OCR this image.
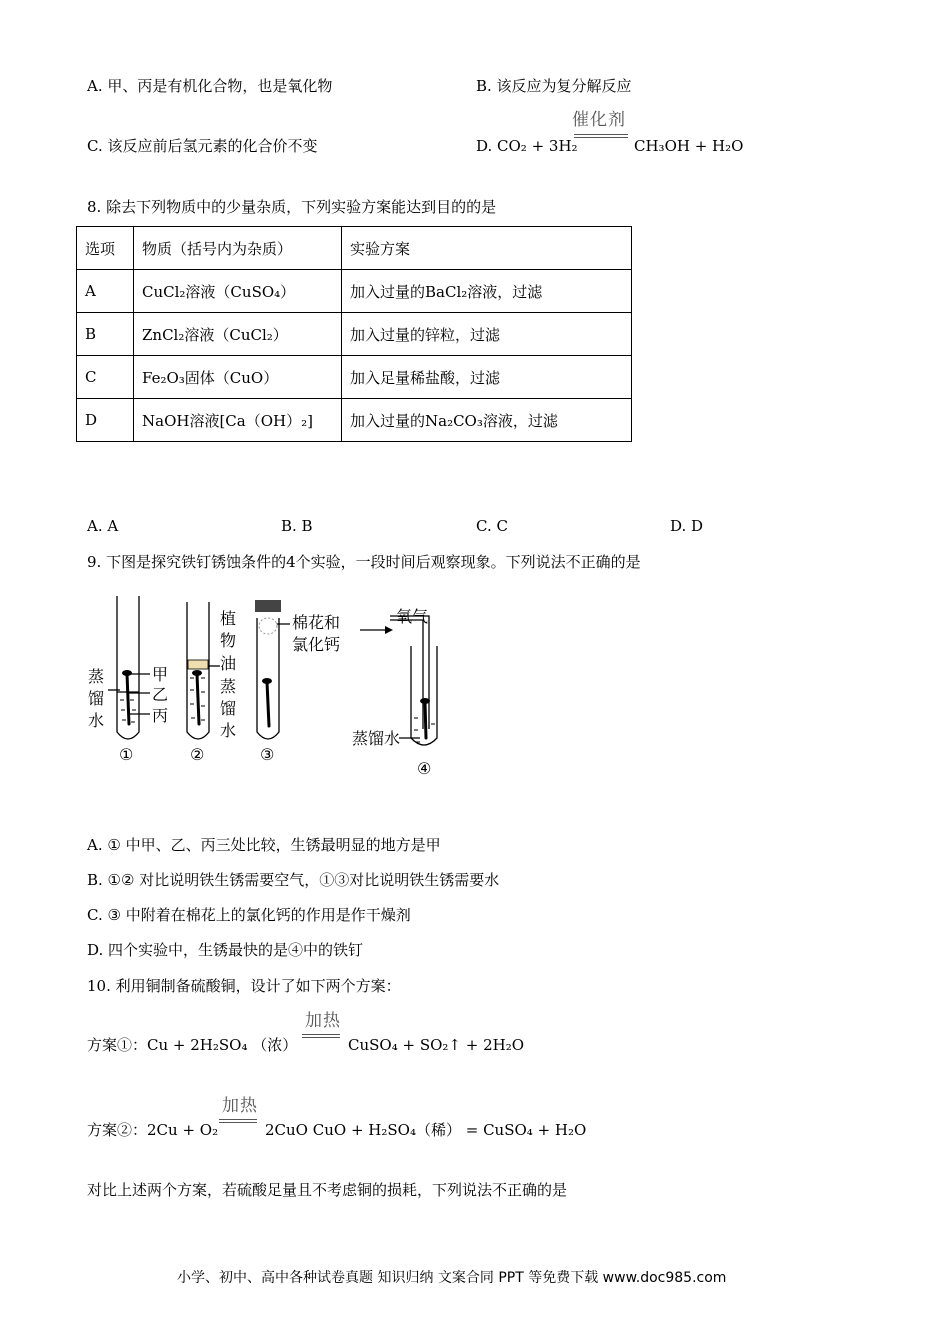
A. 甲、丙是有机化合物，也是氧化物	B. 该反应为复分解反应
C. 该反应前后氢元素的化合价不变	D. CO₂ + 3H₂
催化剂
CH₃OH + H₂O
8. 除去下列物质中的少量杂质，下列实验方案能达到目的的是
选项	物质（括号内为杂质）	实验方案
A	CuCl₂溶液（CuSO₄）	加入过量的BaCl₂溶液，过滤
B	ZnCl₂溶液（CuCl₂）	加入过量的锌粒，过滤
C	Fe₂O₃固体（CuO）	加入足量稀盐酸，过滤
D	NaOH溶液[Ca（OH）₂]	加入过量的Na₂CO₃溶液，过滤
A. A	B. B	C. C	D. D
9. 下图是探究铁钉锈蚀条件的4个实验，一段时间后观察现象。下列说法不正确的是
蒸
馏
水
甲
乙
丙
植
物
油
蒸
馏
水
棉花和
氯化钙
氧气
蒸馏水
①	②	③
④
A. ① 中甲、乙、丙三处比较，生锈最明显的地方是甲
B. ①② 对比说明铁生锈需要空气，①③对比说明铁生锈需要水
C. ③ 中附着在棉花上的氯化钙的作用是作干燥剂
D. 四个实验中，生锈最快的是④中的铁钉
10. 利用铜制备硫酸铜，设计了如下两个方案：
方案①：Cu + 2H₂SO₄ （浓）
加热
CuSO₄ + SO₂↑ + 2H₂O
方案②：2Cu + O₂
加热
2CuO CuO + H₂SO₄（稀） = CuSO₄ + H₂O
对比上述两个方案，若硫酸足量且不考虑铜的损耗，下列说法不正确的是
小学、初中、高中各种试卷真题 知识归纳 文案合同 PPT 等免费下载 www.doc985.com
